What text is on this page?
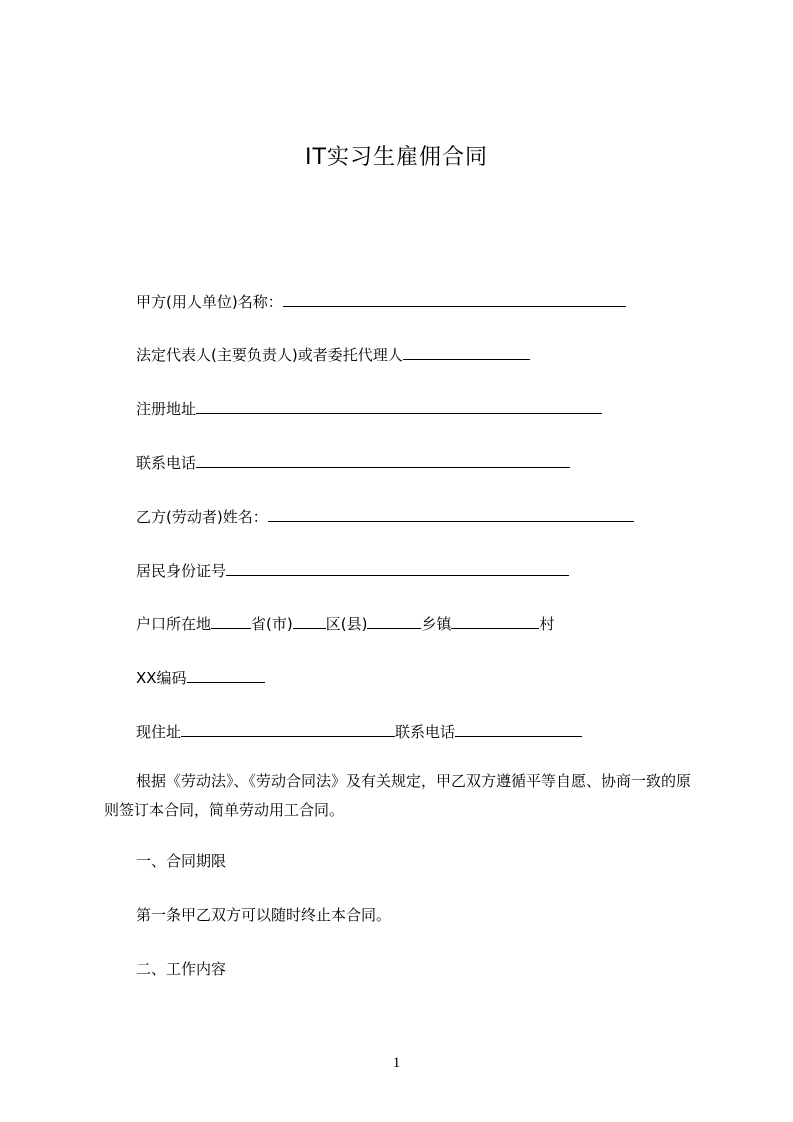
IT实习生雇佣合同
甲方(用人单位)名称：
法定代表人(主要负责人)或者委托代理人
注册地址
联系电话
乙方(劳动者)姓名：
居民身份证号
户口所在地	省(市) 区(县)	乡镇	村
XX编码
现住址	联系电话
根据《劳动法》、《劳动合同法》及有关规定，甲乙双方遵循平等自愿、协商一致的原则签订本合同，简单劳动用工合同。
一、合同期限
第一条甲乙双方可以随时终止本合同。
二、工作内容
1
